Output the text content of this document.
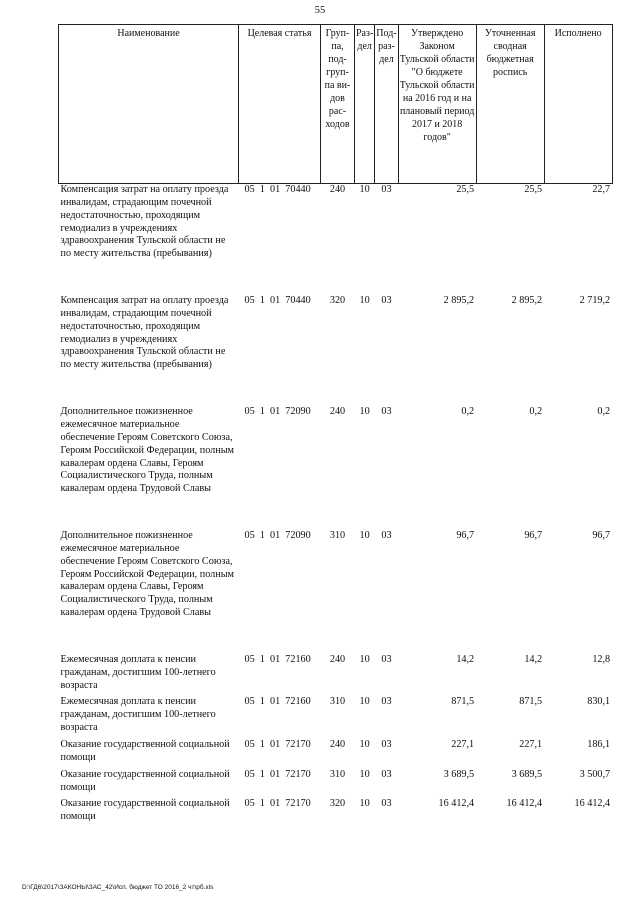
55
Наименование	Целевая статья	Груп-па, под-груп-па ви-дов рас-ходов	Раз-дел	Под-раз-дел	Утверждено Законом Тульской области "О бюджете Тульской области на 2016 год и на плановый период 2017 и 2018 годов"	Уточненная сводная бюджетная роспись	Исполнено
Компенсация затрат на оплату проезда инвалидам, страдающим почечной недостаточностью, проходящим гемодиализ в учреждениях здравоохранения Тульской области не по месту жительства (пребывания)	05  1  01  70440	240	10	03	25,5	25,5	22,7

Компенсация затрат на оплату проезда инвалидам, страдающим почечной недостаточностью, проходящим гемодиализ в учреждениях здравоохранения Тульской области не по месту жительства (пребывания)	05  1  01  70440	320	10	03	2 895,2	2 895,2	2 719,2

Дополнительное пожизненное ежемесячное материальное обеспечение Героям Советского Союза, Героям Российской Федерации, полным кавалерам ордена Славы, Героям Социалистического Труда, полным кавалерам ордена Трудовой Славы	05  1  01  72090	240	10	03	0,2	0,2	0,2

Дополнительное пожизненное ежемесячное материальное обеспечение Героям Советского Союза, Героям Российской Федерации, полным кавалерам ордена Славы, Героям Социалистического Труда, полным кавалерам ордена Трудовой Славы	05  1  01  72090	310	10	03	96,7	96,7	96,7

Ежемесячная доплата к пенсии гражданам, достигшим 100-летнего возраста	05  1  01  72160	240	10	03	14,2	14,2	12,8

Ежемесячная доплата к пенсии гражданам, достигшим 100-летнего возраста	05  1  01  72160	310	10	03	871,5	871,5	830,1

Оказание государственной социальной помощи	05  1  01  72170	240	10	03	227,1	227,1	186,1

Оказание государственной социальной помощи	05  1  01  72170	310	10	03	3 689,5	3 689,5	3 500,7

Оказание государственной социальной помощи	05  1  01  72170	320	10	03	16 412,4	16 412,4	16 412,4
D:\ГД6\2017\ЗАКОНЫ\ЗАС_42\Исп. бюджет ТО 2016_2 чт\рб.xls
